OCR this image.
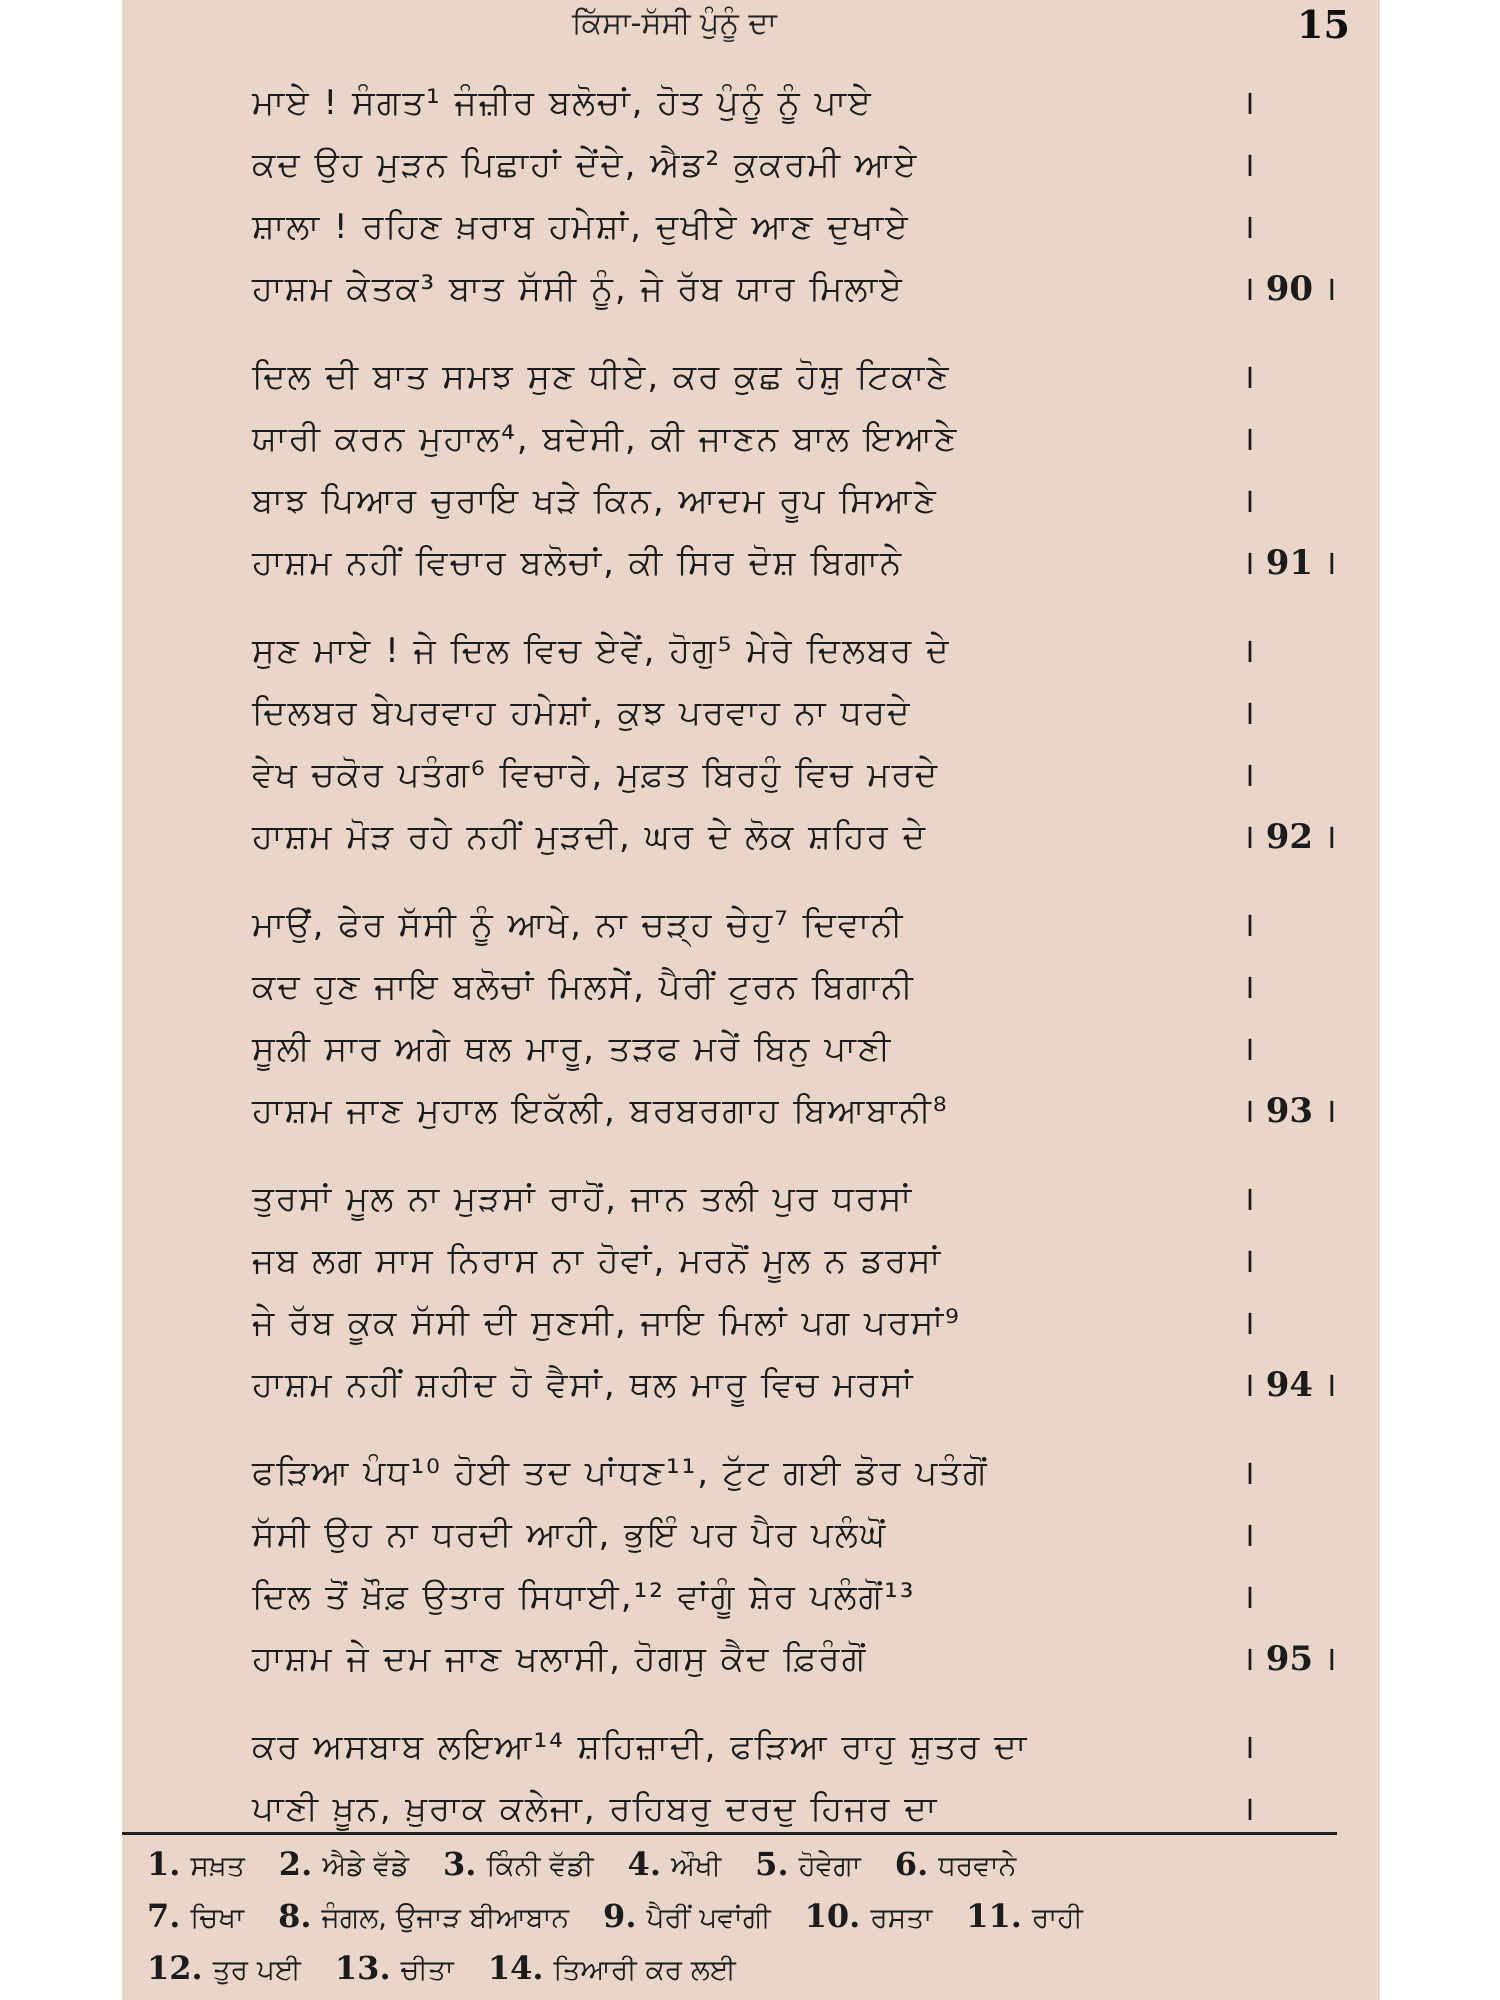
ਕਿੱਸਾ-ਸੱਸੀ ਪੁੰਨੂੰ ਦਾ	15
ਮਾਏ ! ਸੰਗਤ¹ ਜੰਜ਼ੀਰ ਬਲੋਚਾਂ, ਹੋਤ ਪੁੰਨੂੰ ਨੂੰ ਪਾਏ	।
ਕਦ ਉਹ ਮੁੜਨ ਪਿਛਾਹਾਂ ਦੇਂਦੇ, ਐਡ² ਕੁਕਰਮੀ ਆਏ	।
ਸ਼ਾਲਾ ! ਰਹਿਣ ਖ਼ਰਾਬ ਹਮੇਸ਼ਾਂ, ਦੁਖੀਏ ਆਣ ਦੁਖਾਏ	।
ਹਾਸ਼ਮ ਕੇਤਕ³ ਬਾਤ ਸੱਸੀ ਨੂੰ, ਜੇ ਰੱਬ ਯਾਰ ਮਿਲਾਏ	। 90 ।
ਦਿਲ ਦੀ ਬਾਤ ਸਮਝ ਸੁਣ ਧੀਏ, ਕਰ ਕੁਛ ਹੋਸ਼ੁ ਟਿਕਾਣੇ	।
ਯਾਰੀ ਕਰਨ ਮੁਹਾਲ⁴, ਬਦੇਸੀ, ਕੀ ਜਾਣਨ ਬਾਲ ਇਆਣੇ	।
ਬਾਝ ਪਿਆਰ ਚੁਰਾਇ ਖੜੇ ਕਿਨ, ਆਦਮ ਰੂਪ ਸਿਆਣੇ	।
ਹਾਸ਼ਮ ਨਹੀਂ ਵਿਚਾਰ ਬਲੋਚਾਂ, ਕੀ ਸਿਰ ਦੋਸ਼ ਬਿਗਾਨੇ	। 91 ।
ਸੁਣ ਮਾਏ ! ਜੇ ਦਿਲ ਵਿਚ ਏਵੇਂ, ਹੋਗੁ⁵ ਮੇਰੇ ਦਿਲਬਰ ਦੇ	।
ਦਿਲਬਰ ਬੇਪਰਵਾਹ ਹਮੇਸ਼ਾਂ, ਕੁਝ ਪਰਵਾਹ ਨਾ ਧਰਦੇ	।
ਵੇਖ ਚਕੋਰ ਪਤੰਗ⁶ ਵਿਚਾਰੇ, ਮੁਫ਼ਤ ਬਿਰਹੁੰ ਵਿਚ ਮਰਦੇ	।
ਹਾਸ਼ਮ ਮੋੜ ਰਹੇ ਨਹੀਂ ਮੁੜਦੀ, ਘਰ ਦੇ ਲੋਕ ਸ਼ਹਿਰ ਦੇ	। 92 ।
ਮਾਉਂ, ਫੇਰ ਸੱਸੀ ਨੂੰ ਆਖੇ, ਨਾ ਚੜ੍ਹ ਚੇਹੁ⁷ ਦਿਵਾਨੀ	।
ਕਦ ਹੁਣ ਜਾਇ ਬਲੋਚਾਂ ਮਿਲਸੇਂ, ਪੈਰੀਂ ਟੁਰਨ ਬਿਗਾਨੀ	।
ਸੂਲੀ ਸਾਰ ਅਗੇ ਥਲ ਮਾਰੂ, ਤੜਫ ਮਰੇਂ ਬਿਨੁ ਪਾਣੀ	।
ਹਾਸ਼ਮ ਜਾਣ ਮੁਹਾਲ ਇਕੱਲੀ, ਬਰਬਰਗਾਹ ਬਿਆਬਾਨੀ⁸	। 93 ।
ਤੁਰਸਾਂ ਮੂਲ ਨਾ ਮੁੜਸਾਂ ਰਾਹੋਂ, ਜਾਨ ਤਲੀ ਪੁਰ ਧਰਸਾਂ	।
ਜਬ ਲਗ ਸਾਸ ਨਿਰਾਸ ਨਾ ਹੋਵਾਂ, ਮਰਨੋਂ ਮੂਲ ਨ ਡਰਸਾਂ	।
ਜੇ ਰੱਬ ਕੂਕ ਸੱਸੀ ਦੀ ਸੁਣਸੀ, ਜਾਇ ਮਿਲਾਂ ਪਗ ਪਰਸਾਂ⁹	।
ਹਾਸ਼ਮ ਨਹੀਂ ਸ਼ਹੀਦ ਹੋ ਵੈਸਾਂ, ਥਲ ਮਾਰੂ ਵਿਚ ਮਰਸਾਂ	। 94 ।
ਫੜਿਆ ਪੰਧ¹⁰ ਹੋਈ ਤਦ ਪਾਂਧਣ¹¹, ਟੁੱਟ ਗਈ ਡੋਰ ਪਤੰਗੋਂ	।
ਸੱਸੀ ਉਹ ਨਾ ਧਰਦੀ ਆਹੀ, ਭੁਇੰ ਪਰ ਪੈਰ ਪਲੰਘੋਂ	।
ਦਿਲ ਤੋਂ ਖ਼ੌਫ਼ ਉਤਾਰ ਸਿਧਾਈ,¹² ਵਾਂਗੂੰ ਸ਼ੇਰ ਪਲੰਗੋਂ¹³	।
ਹਾਸ਼ਮ ਜੇ ਦਮ ਜਾਣ ਖਲਾਸੀ, ਹੋਗਸੁ ਕੈਦ ਫ਼ਿਰੰਗੋਂ	। 95 ।
ਕਰ ਅਸਬਾਬ ਲਇਆ¹⁴ ਸ਼ਹਿਜ਼ਾਦੀ, ਫੜਿਆ ਰਾਹੁ ਸ਼ੁਤਰ ਦਾ	।
ਪਾਣੀ ਖ਼ੂਨ, ਖ਼ੁਰਾਕ ਕਲੇਜਾ, ਰਹਿਬਰੁ ਦਰਦੁ ਹਿਜਰ ਦਾ	।
1. ਸਖ਼ਤ 2. ਐਡੇ ਵੱਡੇ 3. ਕਿੰਨੀ ਵੱਡੀ 4. ਔਖੀ 5. ਹੋਵੇਗਾ 6. ਧਰਵਾਨੇ
7. ਚਿਖਾ 8. ਜੰਗਲ, ਉਜਾੜ ਬੀਆਬਾਨ 9. ਪੈਰੀਂ ਪਵਾਂਗੀ 10. ਰਸਤਾ 11. ਰਾਹੀ
12. ਤੁਰ ਪਈ 13. ਚੀਤਾ 14. ਤਿਆਰੀ ਕਰ ਲਈ
